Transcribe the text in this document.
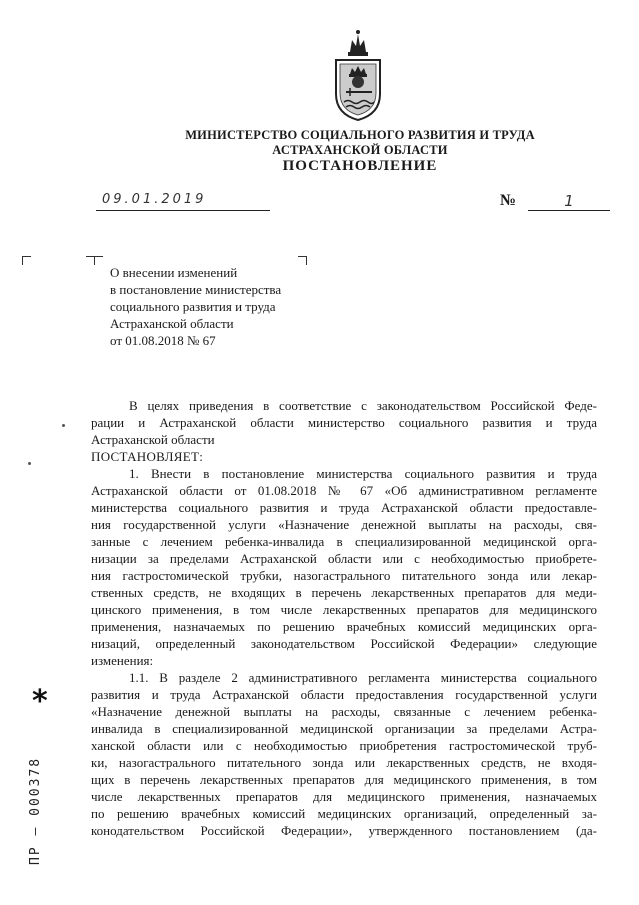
МИНИСТЕРСТВО СОЦИАЛЬНОГО РАЗВИТИЯ И ТРУДА
АСТРАХАНСКОЙ ОБЛАСТИ
ПОСТАНОВЛЕНИЕ
09.01.2019	№	1
О внесении изменений
в постановление министерства
социального развития и труда
Астраханской области
от 01.08.2018 № 67
В целях приведения в соответствие с законодательством Российской Феде-
рации и Астраханской области министерство социального развития и труда
Астраханской области
ПОСТАНОВЛЯЕТ:
1. Внести в постановление министерства социального развития и труда
Астраханской области от 01.08.2018 № 67 «Об административном регламенте
министерства социального развития и труда Астраханской области предоставле-
ния государственной услуги «Назначение денежной выплаты на расходы, свя-
занные с лечением ребенка-инвалида в специализированной медицинской орга-
низации за пределами Астраханской области или с необходимостью приобрете-
ния гастростомической трубки, назогастрального питательного зонда или лекар-
ственных средств, не входящих в перечень лекарственных препаратов для меди-
цинского применения, в том числе лекарственных препаратов для медицинского
применения, назначаемых по решению врачебных комиссий медицинских орга-
низаций, определенный законодательством Российской Федерации» следующие
изменения:
1.1. В разделе 2 административного регламента министерства социального
развития и труда Астраханской области предоставления государственной услуги
«Назначение денежной выплаты на расходы, связанные с лечением ребенка-
инвалида в специализированной медицинской организации за пределами Астра-
ханской области или с необходимостью приобретения гастростомической труб-
ки, назогастрального питательного зонда или лекарственных средств, не входя-
щих в перечень лекарственных препаратов для медицинского применения, в том
числе лекарственных препаратов для медицинского применения, назначаемых
по решению врачебных комиссий медицинских организаций, определенный за-
конодательством Российской Федерации», утвержденного постановлением (да-
*
ПР – 000378
